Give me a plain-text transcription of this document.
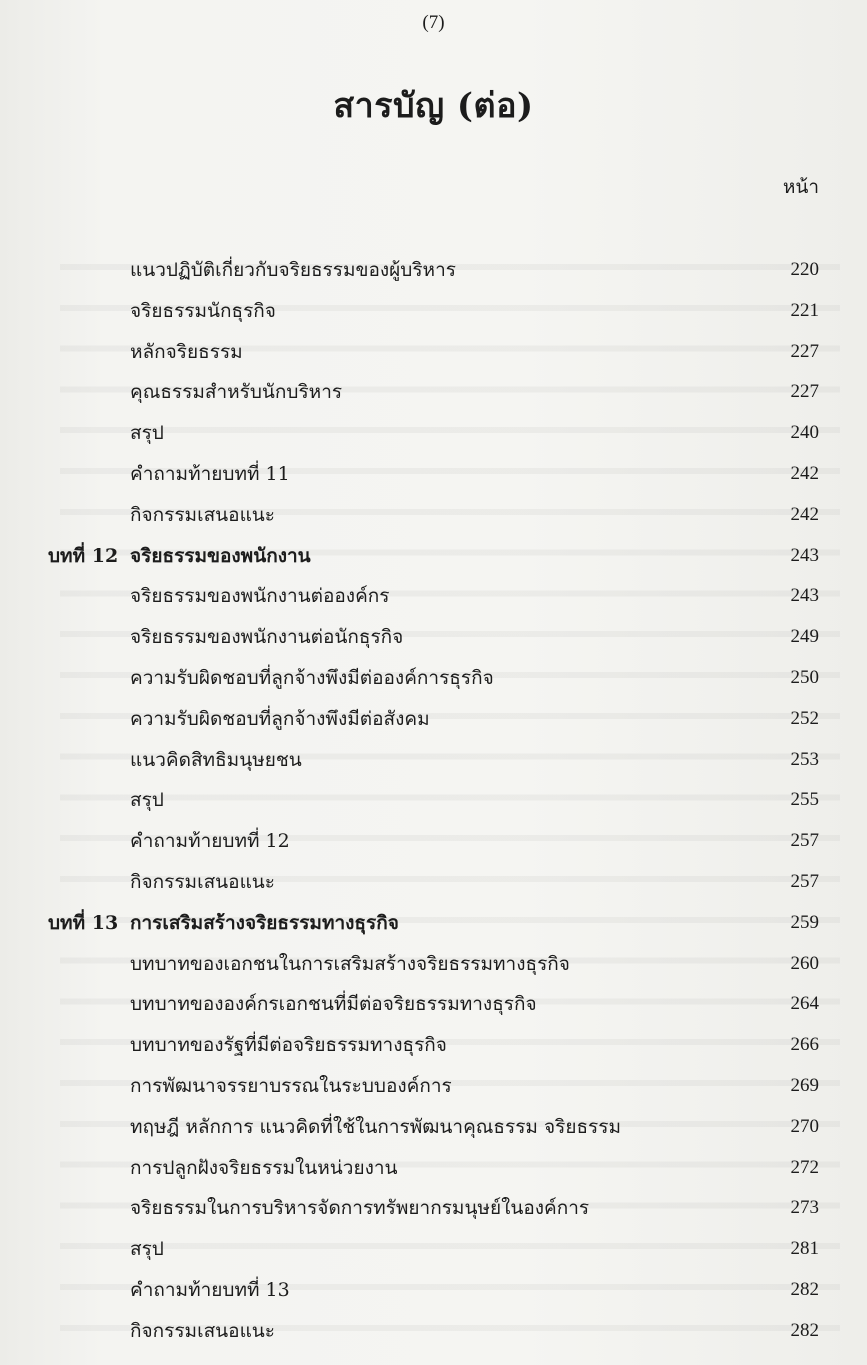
(7)
สารบัญ (ต่อ)
หน้า
แนวปฏิบัติเกี่ยวกับจริยธรรมของผู้บริหาร	220
จริยธรรมนักธุรกิจ	221
หลักจริยธรรม	227
คุณธรรมสำหรับนักบริหาร	227
สรุป	240
คำถามท้ายบทที่ 11	242
กิจกรรมเสนอแนะ	242
บทที่ 12 จริยธรรมของพนักงาน	243
จริยธรรมของพนักงานต่อองค์กร	243
จริยธรรมของพนักงานต่อนักธุรกิจ	249
ความรับผิดชอบที่ลูกจ้างพึงมีต่อองค์การธุรกิจ	250
ความรับผิดชอบที่ลูกจ้างพึงมีต่อสังคม	252
แนวคิดสิทธิมนุษยชน	253
สรุป	255
คำถามท้ายบทที่ 12	257
กิจกรรมเสนอแนะ	257
บทที่ 13 การเสริมสร้างจริยธรรมทางธุรกิจ	259
บทบาทของเอกชนในการเสริมสร้างจริยธรรมทางธุรกิจ	260
บทบาทขององค์กรเอกชนที่มีต่อจริยธรรมทางธุรกิจ	264
บทบาทของรัฐที่มีต่อจริยธรรมทางธุรกิจ	266
การพัฒนาจรรยาบรรณในระบบองค์การ	269
ทฤษฎี หลักการ แนวคิดที่ใช้ในการพัฒนาคุณธรรม จริยธรรม	270
การปลูกฝังจริยธรรมในหน่วยงาน	272
จริยธรรมในการบริหารจัดการทรัพยากรมนุษย์ในองค์การ	273
สรุป	281
คำถามท้ายบทที่ 13	282
กิจกรรมเสนอแนะ	282
